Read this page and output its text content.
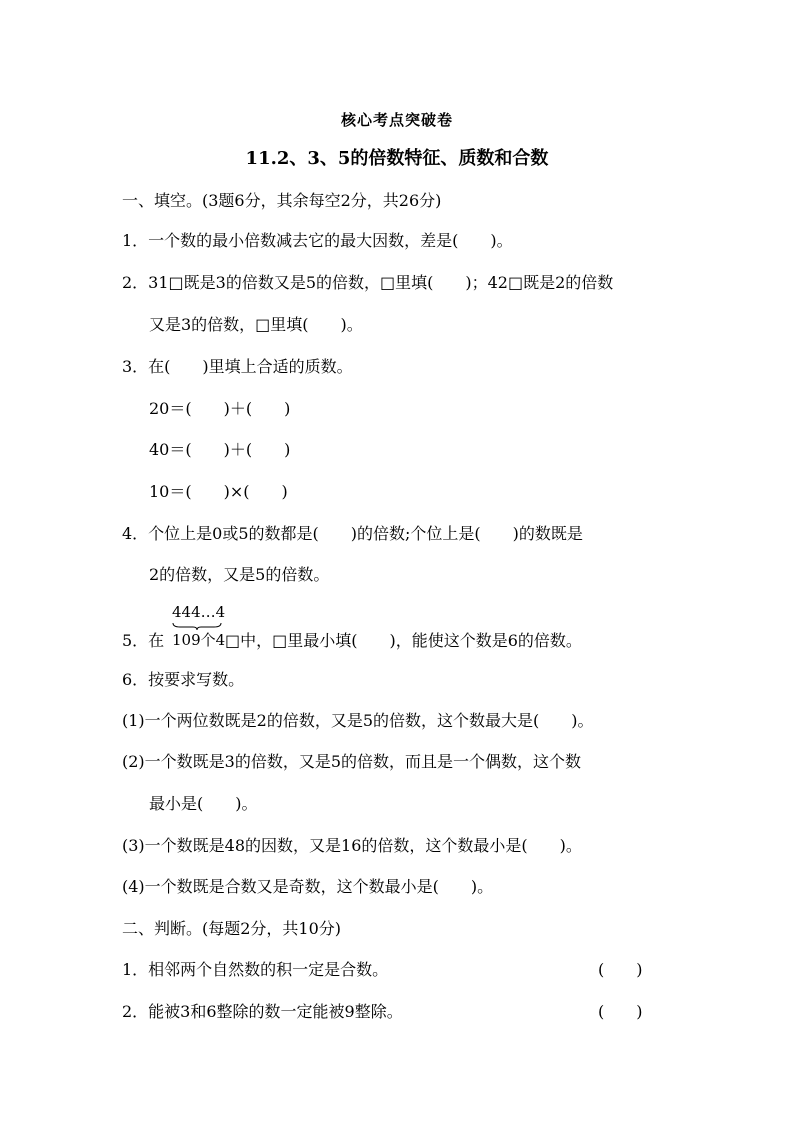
核心考点突破卷
11.2、3、5的倍数特征、质数和合数
一、填空。(3题6分，其余每空2分，共26分)
1．一个数的最小倍数减去它的最大因数，差是(　　)。
2．31□既是3的倍数又是5的倍数，□里填(　　)；42□既是2的倍数
又是3的倍数，□里填(　　)。
3．在(　　)里填上合适的质数。
20＝(　　)＋(　　)
40＝(　　)＋(　　)
10＝(　　)×(　　)
4．个位上是0或5的数都是(　　)的倍数;个位上是(　　)的数既是
2的倍数，又是5的倍数。
5．在
444…4
109个4 □中，□里最小填(　　)，能使这个数是6的倍数。
6．按要求写数。
(1)一个两位数既是2的倍数，又是5的倍数，这个数最大是(　　)。
(2)一个数既是3的倍数，又是5的倍数，而且是一个偶数，这个数
最小是(　　)。
(3)一个数既是48的因数，又是16的倍数，这个数最小是(　　)。
(4)一个数既是合数又是奇数，这个数最小是(　　)。
二、判断。(每题2分，共10分)
1．相邻两个自然数的积一定是合数。	(　　)
2．能被3和6整除的数一定能被9整除。	(　　)
